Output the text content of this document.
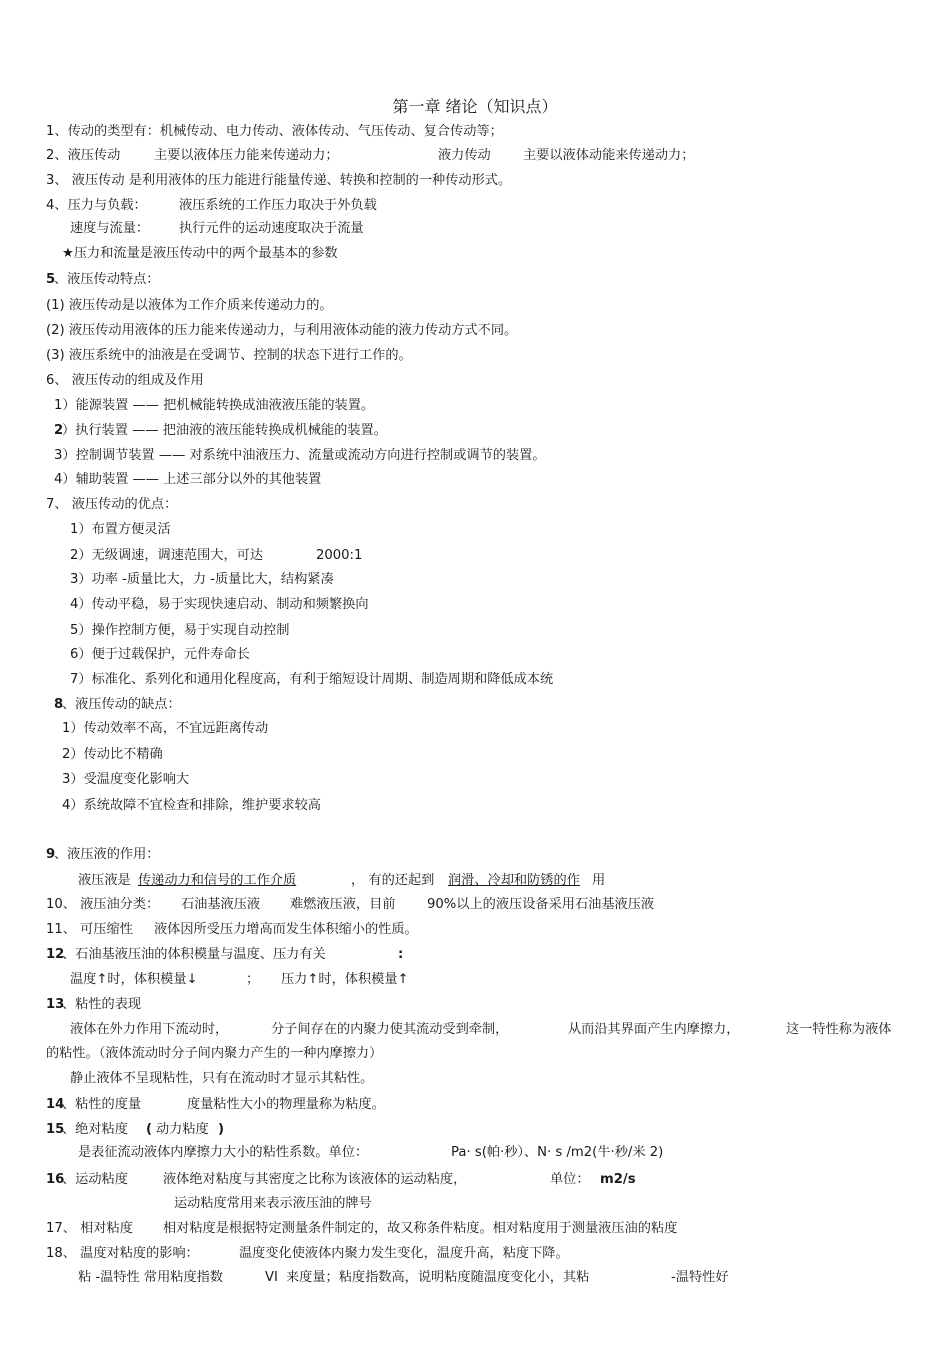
第一章 绪论（知识点）
1、传动的类型有：机械传动、电力传动、液体传动、气压传动、复合传动等；
2、液压传动	主要以液体压力能来传递动力；	液力传动 主要以液体动能来传递动力；
3、 液压传动 是利用液体的压力能进行能量传递、转换和控制的一种传动形式。
4、压力与负载： 液压系统的工作压力取决于外负载
速度与流量： 执行元件的运动速度取决于流量
★压力和流量是液压传动中的两个最基本的参数
5
、液压传动特点：
(1) 液压传动是以液体为工作介质来传递动力的。
(2) 液压传动用液体的压力能来传递动力，与利用液体动能的液力传动方式不同。
(3) 液压系统中的油液是在受调节、控制的状态下进行工作的。
6、 液压传动的组成及作用
1）能源装置 —— 把机械能转换成油液液压能的装置。
2
）执行装置 —— 把油液的液压能转换成机械能的装置。
3）控制调节装置 —— 对系统中油液压力、流量或流动方向进行控制或调节的装置。
4）辅助装置 —— 上述三部分以外的其他装置
7、 液压传动的优点：
1）布置方便灵活
2）无级调速，调速范围大，可达	2000:1
3）功率 -质量比大，力 -质量比大，结构紧凑
4）传动平稳，易于实现快速启动、制动和频繁换向
5）操作控制方便，易于实现自动控制
6）便于过载保护，元件寿命长
7）标准化、系列化和通用化程度高，有利于缩短设计周期、制造周期和降低成本统
8
、液压传动的缺点：
1）传动效率不高，不宜远距离传动
2）传动比不精确
3）受温度变化影响大
4）系统故障不宜检查和排除，维护要求较高
9
、液压液的作用：
液压液是 传递动力和信号的工作介质	， 有的还起到 润滑、冷却和防锈的作 用
10、 液压油分类： 石油基液压液 难燃液压液，目前 90%以上的液压设备采用石油基液压液
11、 可压缩性 液体因所受压力增高而发生体积缩小的性质。
12
、石油基液压油的体积模量与温度、压力有关	:
温度↑时，体积模量↓	； 压力↑时，体积模量↑
13
、粘性的表现
液体在外力作用下流动时，	分子间存在的内聚力使其流动受到牵制，	从而沿其界面产生内摩擦力，	这一特性称为液体
的粘性。（液体流动时分子间内聚力产生的一种内摩擦力）
静止液体不呈现粘性，只有在流动时才显示其粘性。
14
、粘性的度量	度量粘性大小的物理量称为粘度。
15
、绝对粘度 ( 动力粘度 )
是表征流动液体内摩擦力大小的粘性系数。单位：	Pa· s(帕·秒）、N· s /m2(牛·秒/米 2)
16
、运动粘度	液体绝对粘度与其密度之比称为该液体的运动粘度，	单位： m2/s
运动粘度常用来表示液压油的牌号
17、 相对粘度 相对粘度是根据特定测量条件制定的，故又称条件粘度。相对粘度用于测量液压油的粘度
18、 温度对粘度的影响：	温度变化使液体内聚力发生变化，温度升高，粘度下降。
粘 -温特性 常用粘度指数	VI 来度量；粘度指数高，说明粘度随温度变化小，其粘	-温特性好
